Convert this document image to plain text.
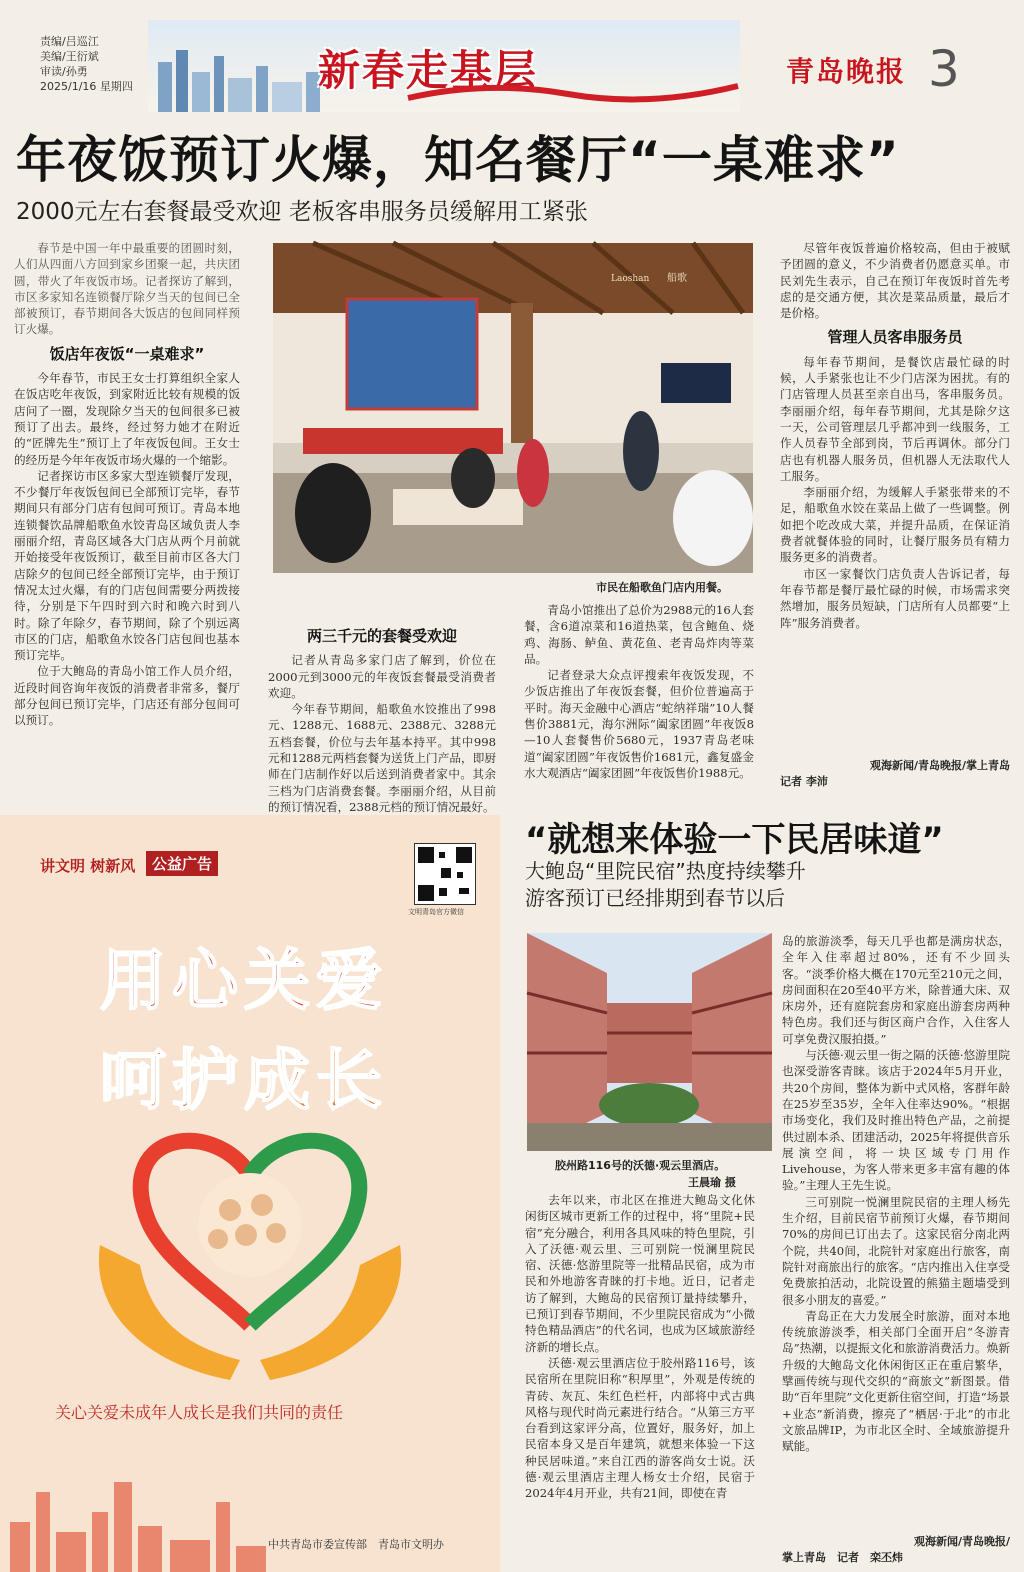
责编/吕巡江
美编/王衍斌
审读/孙勇
2025/1/16 星期四	新春走基层	青岛晚报 3
年夜饭预订火爆，知名餐厅“一桌难求”
2000元左右套餐最受欢迎 老板客串服务员缓解用工紧张

春节是中国一年中最重要的团圆时刻，人们从四面八方回到家乡团聚一起，共庆团圆，带火了年夜饭市场。记者探访了解到，市区多家知名连锁餐厅除夕当天的包间已全部被预订，春节期间各大饭店的包间同样预订火爆。

饭店年夜饭“一桌难求”

今年春节，市民王女士打算组织全家人在饭店吃年夜饭，到家附近比较有规模的饭店问了一圈，发现除夕当天的包间很多已被预订了出去。最终，经过努力她才在附近的“匠牌先生”预订上了年夜饭包间。王女士的经历是今年年夜饭市场火爆的一个缩影。

记者探访市区多家大型连锁餐厅发现，不少餐厅年夜饭包间已全部预订完毕，春节期间只有部分门店有包间可预订。青岛本地连锁餐饮品牌船歌鱼水饺青岛区域负责人李丽丽介绍，青岛区域各大门店从两个月前就开始接受年夜饭预订，截至目前市区各大门店除夕的包间已经全部预订完毕，由于预订情况太过火爆，有的门店包间需要分两拨接待，分别是下午四时到六时和晚六时到八时。除了年除夕，春节期间，除了个别远离市区的门店，船歌鱼水饺各门店包间也基本预订完毕。

位于大鲍岛的青岛小馆工作人员介绍，近段时间咨询年夜饭的消费者非常多，餐厅部分包间已预订完毕，门店还有部分包间可以预订。

Laoshan 船歌
市民在船歌鱼门店内用餐。
两三千元的套餐受欢迎

记者从青岛多家门店了解到，价位在2000元到3000元的年夜饭套餐最受消费者欢迎。

今年春节期间，船歌鱼水饺推出了998元、1288元、1688元、2388元、3288元五档套餐，价位与去年基本持平。其中998元和1288元两档套餐为送货上门产品，即厨师在门店制作好以后送到消费者家中。其余三档为门店消费套餐。李丽丽介绍，从目前的预订情况看，2388元档的预订情况最好。

青岛小馆推出了总价为2988元的16人套餐，含6道凉菜和16道热菜，包含鲍鱼、烧鸡、海肠、鲈鱼、黄花鱼、老青岛炸肉等菜品。

记者登录大众点评搜索年夜饭发现，不少饭店推出了年夜饭套餐，但价位普遍高于平时。海天金融中心酒店“蛇纳祥瑞”10人餐售价3881元，海尔洲际“阖家团圆”年夜饭8—10人套餐售价5680元，1937青岛老味道“阖家团圆”年夜饭售价1681元，鑫复盛金水大观酒店“阖家团圆”年夜饭售价1988元。

尽管年夜饭普遍价格较高，但由于被赋予团圆的意义，不少消费者仍愿意买单。市民刘先生表示，自己在预订年夜饭时首先考虑的是交通方便，其次是菜品质量，最后才是价格。

管理人员客串服务员

每年春节期间，是餐饮店最忙碌的时候，人手紧张也让不少门店深为困扰。有的门店管理人员甚至亲自出马，客串服务员。李丽丽介绍，每年春节期间，尤其是除夕这一天，公司管理层几乎都冲到一线服务，工作人员春节全部到岗，节后再调休。部分门店也有机器人服务员，但机器人无法取代人工服务。

李丽丽介绍，为缓解人手紧张带来的不足，船歌鱼水饺在菜品上做了一些调整。例如把个吃改成大菜，并提升品质，在保证消费者就餐体验的同时，让餐厅服务员有精力服务更多的消费者。

市区一家餐饮门店负责人告诉记者，每年春节都是餐厅最忙碌的时候，市场需求突然增加，服务员短缺，门店所有人员都要“上阵”服务消费者。

观海新闻/青岛晚报/掌上青岛
记者 李沛
讲文明 树新风	公益广告
文明青岛官方微信
用心关爱
呵护成长
关心关爱未成年人成长是我们共同的责任
中共青岛市委宣传部　青岛市文明办
“就想来体验一下民居味道”
大鲍岛“里院民宿”热度持续攀升
游客预订已经排期到春节以后
胶州路116号的沃德·观云里酒店。
王晨瑜 摄

去年以来，市北区在推进大鲍岛文化休闲街区城市更新工作的过程中，将“里院+民宿”充分融合，利用各具风味的特色里院，引入了沃德·观云里、三可别院一悦澜里院民宿、沃德·悠游里院等一批精品民宿，成为市民和外地游客青睐的打卡地。近日，记者走访了解到，大鲍岛的民宿预订量持续攀升，已预订到春节期间，不少里院民宿成为“小微特色精品酒店”的代名词，也成为区域旅游经济新的增长点。

沃德·观云里酒店位于胶州路116号，该民宿所在里院旧称“积厚里”，外观是传统的青砖、灰瓦、朱红色栏杆，内部将中式古典风格与现代时尚元素进行结合。“从第三方平台看到这家评分高，位置好，服务好，加上民宿本身又是百年建筑，就想来体验一下这种民居味道。”来自江西的游客尚女士说。沃德·观云里酒店主理人杨女士介绍，民宿于2024年4月开业，共有21间，即使在青

岛的旅游淡季，每天几乎也都是满房状态，全年入住率超过80%，还有不少回头客。“淡季价格大概在170元至210元之间，房间面积在20至40平方米，除普通大床、双床房外，还有庭院套房和家庭出游套房两种特色房。我们还与街区商户合作，入住客人可享免费汉服拍摄。”

与沃德·观云里一街之隔的沃德·悠游里院也深受游客青睐。该店于2024年5月开业，共20个房间，整体为新中式风格，客群年龄在25岁至35岁，全年入住率达90%。“根据市场变化，我们及时推出特色产品，之前提供过剧本杀、团建活动，2025年将提供音乐展演空间，将一块区域专门用作Livehouse，为客人带来更多丰富有趣的体验。”主理人王先生说。

三可别院一悦澜里院民宿的主理人杨先生介绍，目前民宿节前预订火爆，春节期间70%的房间已订出去了。这家民宿分南北两个院，共40间，北院针对家庭出行旅客，南院针对商旅出行的旅客。“店内推出入住享受免费旅拍活动，北院设置的熊猫主题墙受到很多小朋友的喜爱。”

青岛正在大力发展全时旅游，面对本地传统旅游淡季，相关部门全面开启“冬游青岛”热潮，以提振文化和旅游消费活力。焕新升级的大鲍岛文化休闲街区正在重启繁华，擘画传统与现代交织的“商旅文”新图景。借助“百年里院”文化更新住宿空间，打造“场景+业态”新消费，擦亮了“栖居·于北”的市北文旅品牌IP，为市北区全时、全域旅游提升赋能。

观海新闻/青岛晚报/
掌上青岛　记者　栾丕炜
